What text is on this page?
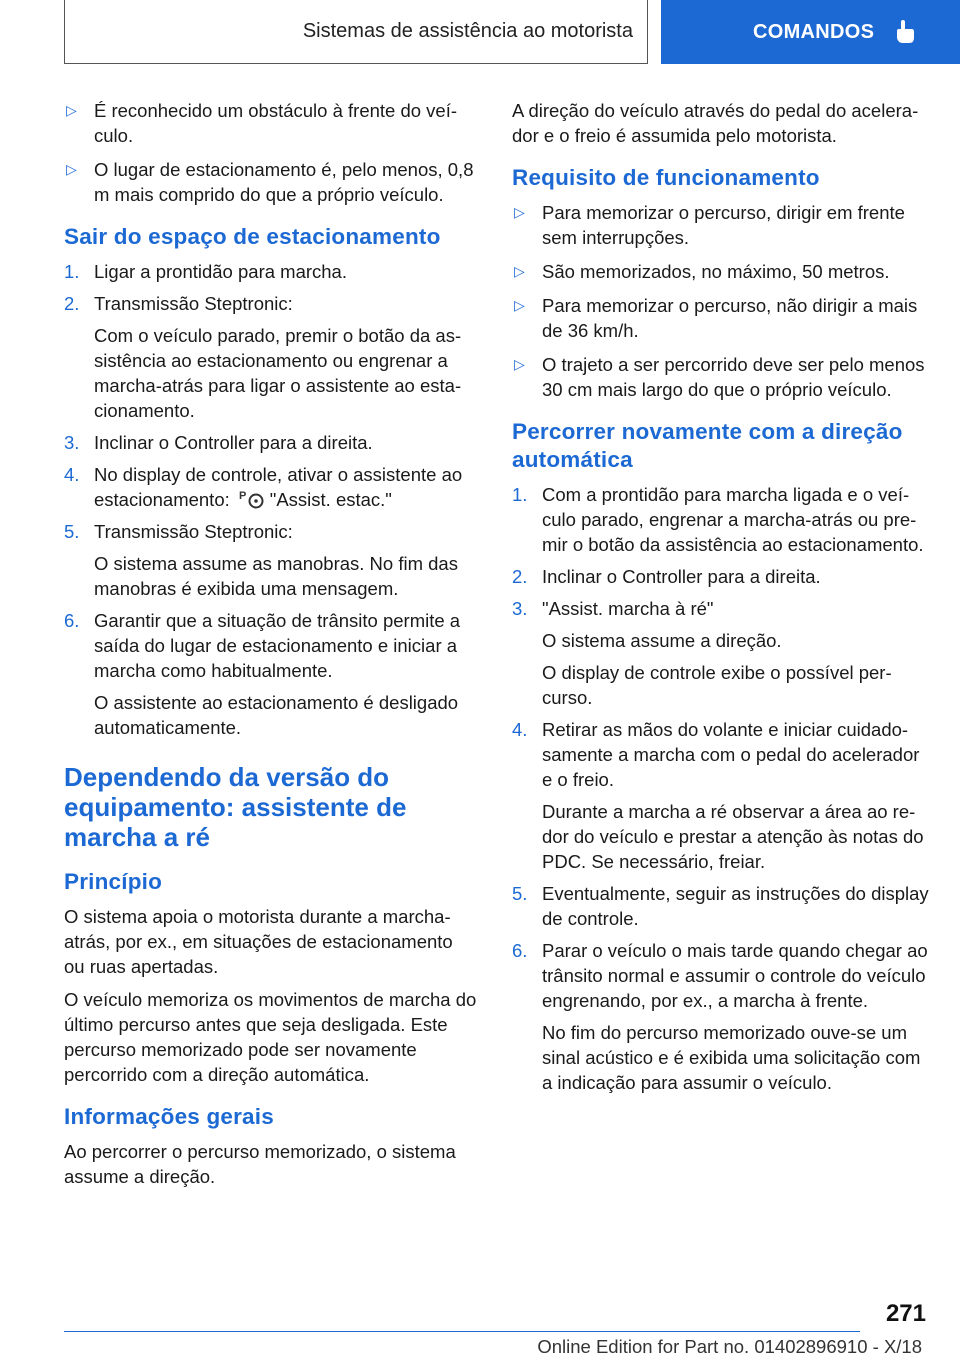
Sistemas de assistência ao motorista	COMANDOS
▷ É reconhecido um obstáculo à frente do veículo.
▷ O lugar de estacionamento é, pelo menos, 0,8 m mais comprido do que a próprio veículo.
Sair do espaço de estacionamento
1. Ligar a prontidão para marcha.

2. Transmissão Steptronic:

Com o veículo parado, premir o botão da assistência ao estacionamento ou engrenar a marcha-atrás para ligar o assistente ao estacionamento.

3. Inclinar o Controller para a direita.

4. No display de controle, ativar o assistente ao estacionamento: P "Assist. estac."

5. Transmissão Steptronic:

O sistema assume as manobras. No fim das manobras é exibida uma mensagem.

6. Garantir que a situação de trânsito permite a saída do lugar de estacionamento e iniciar a marcha como habitualmente.

O assistente ao estacionamento é desligado automaticamente.

Dependendo da versão do equipamento: assistente de marcha a ré
Princípio

O sistema apoia o motorista durante a marcha-atrás, por ex., em situações de estacionamento ou ruas apertadas.

O veículo memoriza os movimentos de marcha do último percurso antes que seja desligada. Este percurso memorizado pode ser novamente percorrido com a direção automática.

Informações gerais

Ao percorrer o percurso memorizado, o sistema assume a direção.

A direção do veículo através do pedal do acelerador e o freio é assumida pelo motorista.

Requisito de funcionamento
▷ Para memorizar o percurso, dirigir em frente sem interrupções.
▷ São memorizados, no máximo, 50 metros.
▷ Para memorizar o percurso, não dirigir a mais de 36 km/h.
▷ O trajeto a ser percorrido deve ser pelo menos 30 cm mais largo do que o próprio veículo.
Percorrer novamente com a direção automática
1. Com a prontidão para marcha ligada e o veículo parado, engrenar a marcha-atrás ou premir o botão da assistência ao estacionamento.

2. Inclinar o Controller para a direita.

3. "Assist. marcha à ré"

O sistema assume a direção.

O display de controle exibe o possível percurso.

4. Retirar as mãos do volante e iniciar cuidadosamente a marcha com o pedal do acelerador e o freio.

Durante a marcha a ré observar a área ao redor do veículo e prestar a atenção às notas do PDC. Se necessário, freiar.

5. Eventualmente, seguir as instruções do display de controle.

6. Parar o veículo o mais tarde quando chegar ao trânsito normal e assumir o controle do veículo engrenando, por ex., a marcha à frente.

No fim do percurso memorizado ouve-se um sinal acústico e é exibida uma solicitação com a indicação para assumir o veículo.

271
Online Edition for Part no. 01402896910 - X/18
